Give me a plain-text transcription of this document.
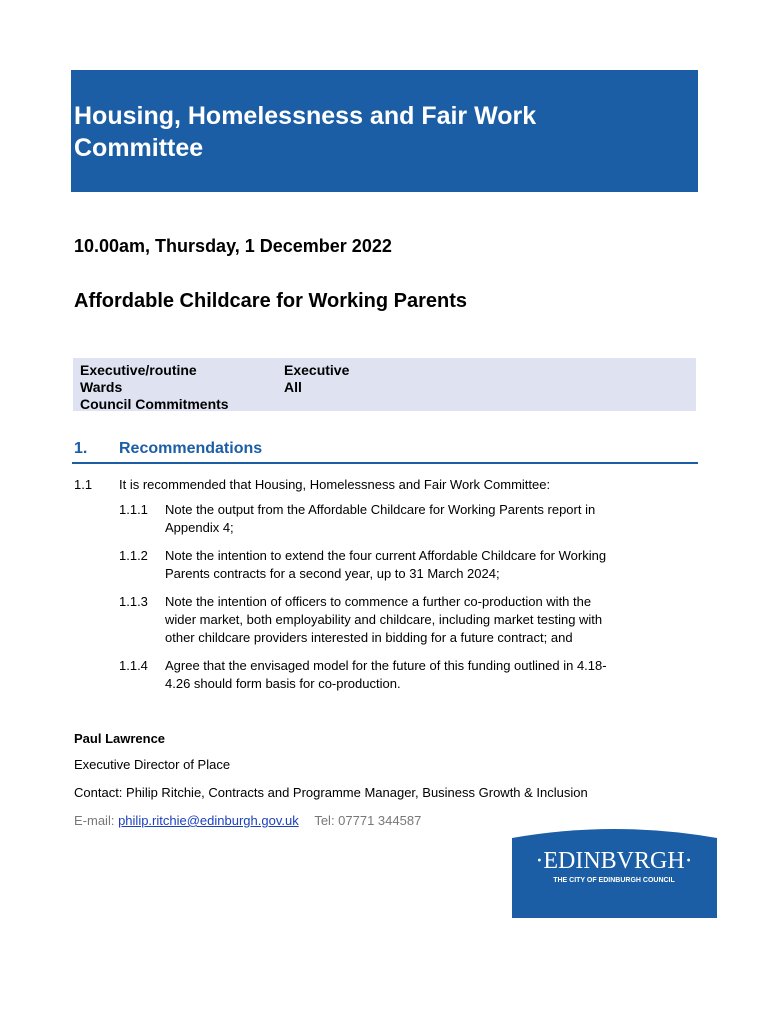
Housing, Homelessness and Fair Work
Committee
10.00am, Thursday, 1 December 2022
Affordable Childcare for Working Parents
Executive/routine
Wards
Council Commitments
Executive
All
1. Recommendations
1.1 It is recommended that Housing, Homelessness and Fair Work Committee:
1.1.1 Note the output from the Affordable Childcare for Working Parents report in
Appendix 4;
1.1.2 Note the intention to extend the four current Affordable Childcare for Working
Parents contracts for a second year, up to 31 March 2024;
1.1.3 Note the intention of officers to commence a further co-production with the
wider market, both employability and childcare, including market testing with
other childcare providers interested in bidding for a future contract; and
1.1.4 Agree that the envisaged model for the future of this funding outlined in 4.18-
4.26 should form basis for co-production.
Paul Lawrence
Executive Director of Place
Contact: Philip Ritchie, Contracts and Programme Manager, Business Growth & Inclusion
E-mail: philip.ritchie@edinburgh.gov.uk Tel: 07771 344587
·EDINBVRGH·
THE CITY OF EDINBURGH COUNCIL
